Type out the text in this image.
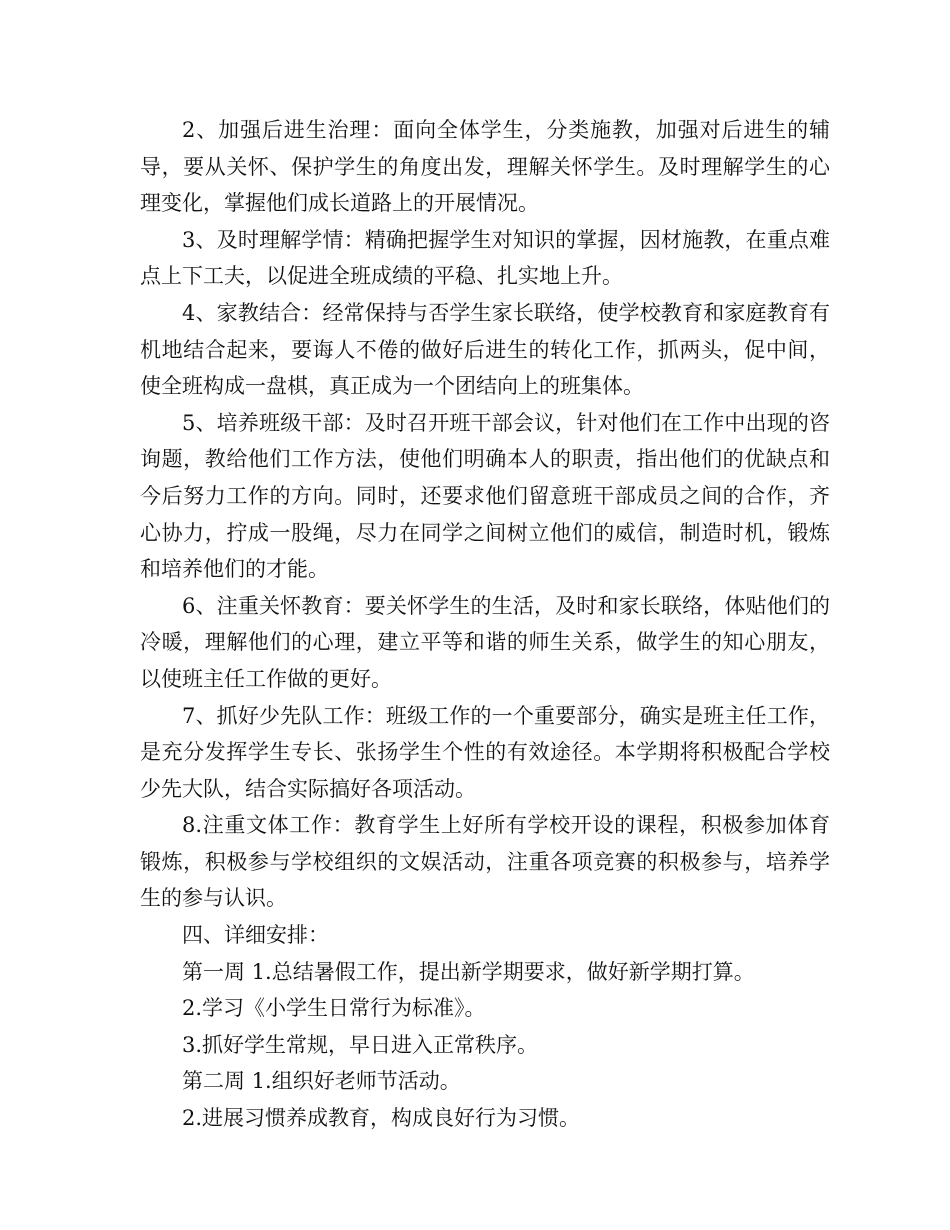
2、加强后进生治理：面向全体学生，分类施教，加强对后进生的辅导，要从关怀、保护学生的角度出发，理解关怀学生。及时理解学生的心理变化，掌握他们成长道路上的开展情况。

3、及时理解学情：精确把握学生对知识的掌握，因材施教，在重点难点上下工夫，以促进全班成绩的平稳、扎实地上升。

4、家教结合：经常保持与否学生家长联络，使学校教育和家庭教育有机地结合起来，要诲人不倦的做好后进生的转化工作，抓两头，促中间，使全班构成一盘棋，真正成为一个团结向上的班集体。

5、培养班级干部：及时召开班干部会议，针对他们在工作中出现的咨询题，教给他们工作方法，使他们明确本人的职责，指出他们的优缺点和今后努力工作的方向。同时，还要求他们留意班干部成员之间的合作，齐心协力，拧成一股绳，尽力在同学之间树立他们的威信，制造时机，锻炼和培养他们的才能。

6、注重关怀教育：要关怀学生的生活，及时和家长联络，体贴他们的冷暖，理解他们的心理，建立平等和谐的师生关系，做学生的知心朋友，以使班主任工作做的更好。

7、抓好少先队工作：班级工作的一个重要部分，确实是班主任工作，是充分发挥学生专长、张扬学生个性的有效途径。本学期将积极配合学校少先大队，结合实际搞好各项活动。

8.注重文体工作：教育学生上好所有学校开设的课程，积极参加体育锻炼，积极参与学校组织的文娱活动，注重各项竞赛的积极参与，培养学生的参与认识。

四、详细安排：

第一周 1.总结暑假工作，提出新学期要求，做好新学期打算。

2.学习《小学生日常行为标准》。

3.抓好学生常规，早日进入正常秩序。

第二周 1.组织好老师节活动。

2.进展习惯养成教育，构成良好行为习惯。
